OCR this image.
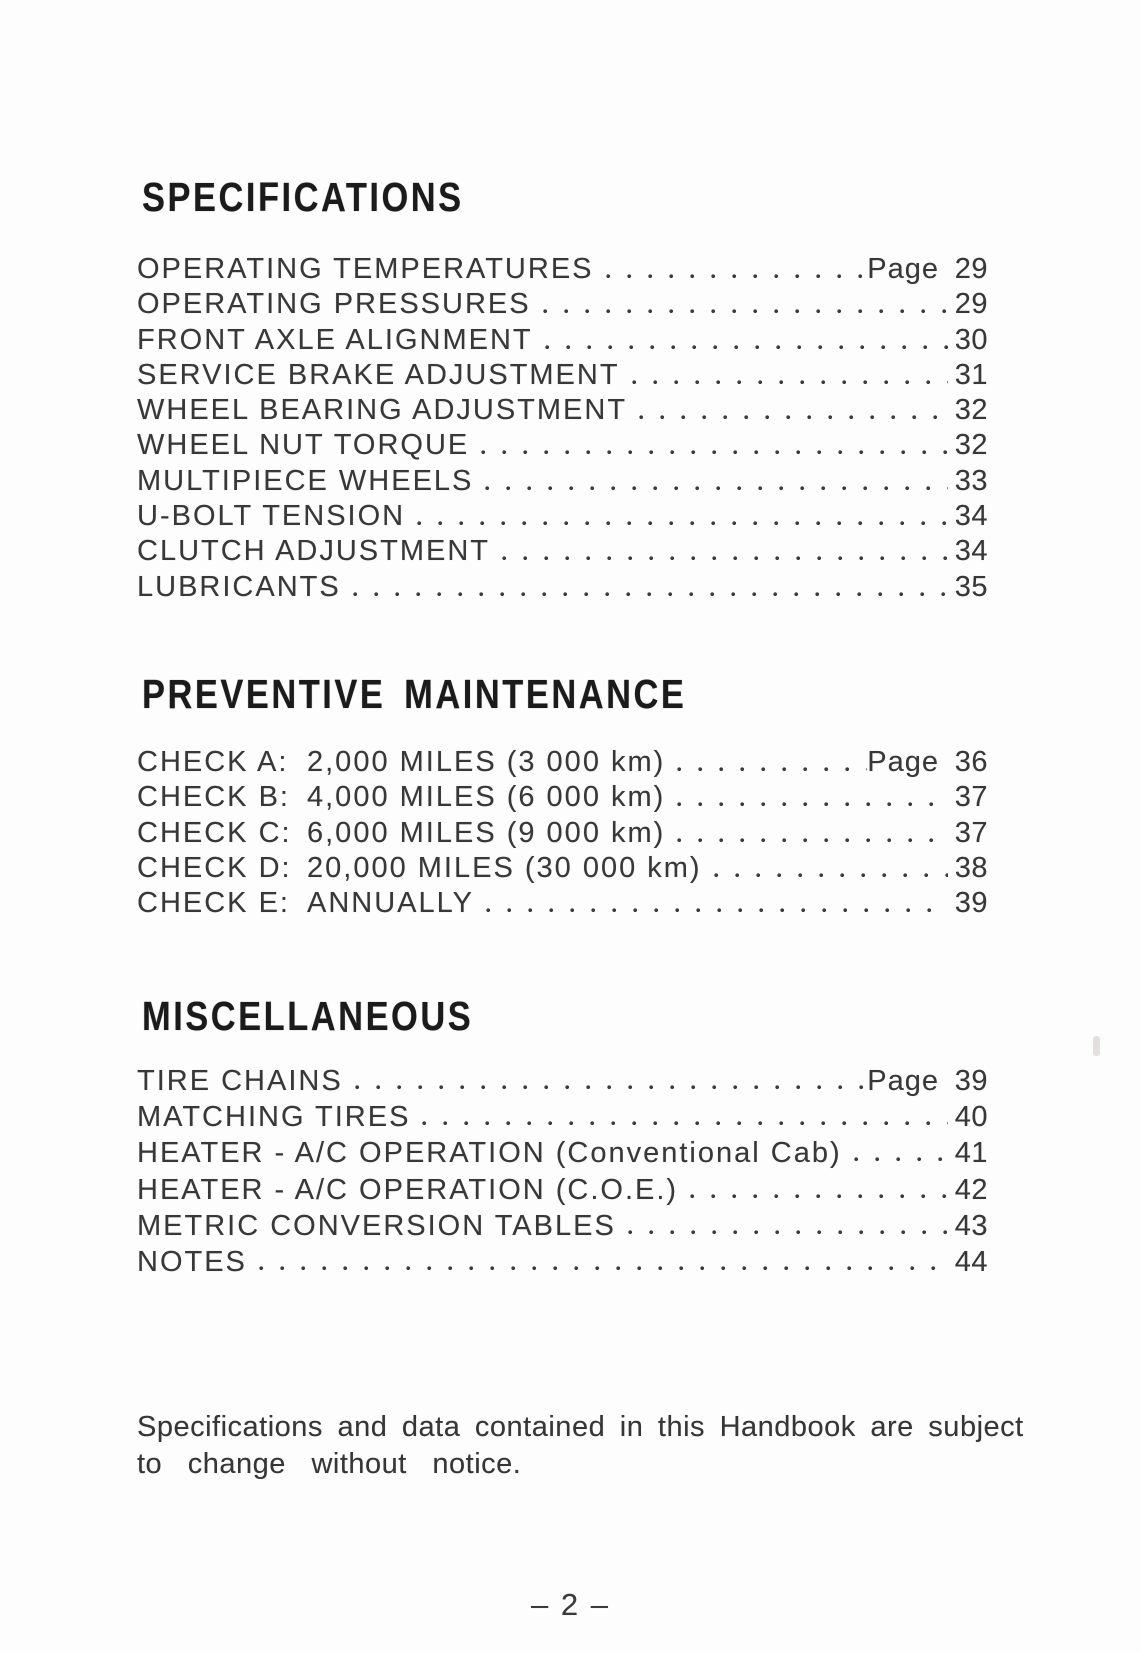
SPECIFICATIONS
OPERATING TEMPERATURES	Page 29
OPERATING PRESSURES	29
FRONT AXLE ALIGNMENT	30
SERVICE BRAKE ADJUSTMENT	31
WHEEL BEARING ADJUSTMENT	32
WHEEL NUT TORQUE	32
MULTIPIECE WHEELS	33
U-BOLT TENSION	34
CLUTCH ADJUSTMENT	34
LUBRICANTS	35
PREVENTIVE MAINTENANCE
CHECK A: 2,000 MILES (3 000 km)	Page 36
CHECK B: 4,000 MILES (6 000 km)	37
CHECK C: 6,000 MILES (9 000 km)	37
CHECK D: 20,000 MILES (30 000 km)	38
CHECK E: ANNUALLY	39
MISCELLANEOUS
TIRE CHAINS	Page 39
MATCHING TIRES	40
HEATER - A/C OPERATION (Conventional Cab)	41
HEATER - A/C OPERATION (C.O.E.)	42
METRIC CONVERSION TABLES	43
NOTES	44
Specifications and data contained in this Handbook are subject
to change without notice.
– 2 –
